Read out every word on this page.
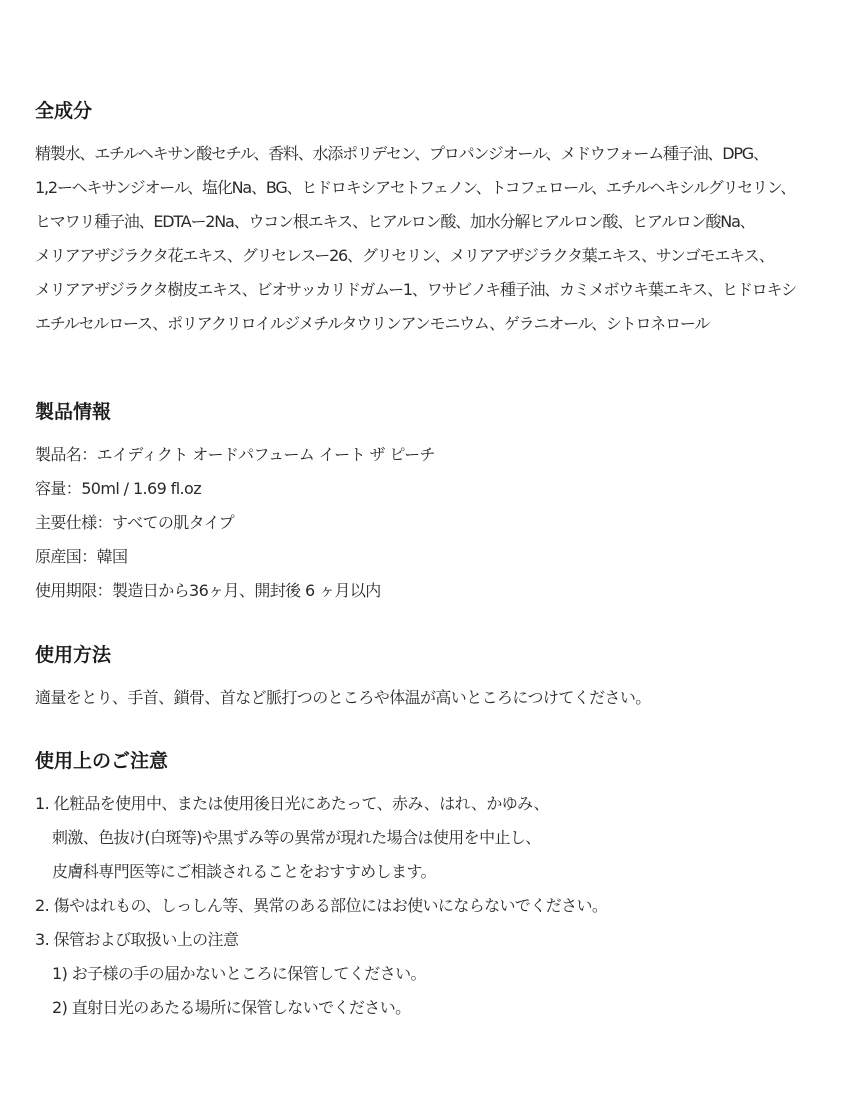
全成分
精製水、エチルヘキサン酸セチル、香料、水添ポリデセン、プロパンジオール、メドウフォーム種子油、DPG、
1,2ーヘキサンジオール、塩化Na、BG、ヒドロキシアセトフェノン、トコフェロール、エチルヘキシルグリセリン、
ヒマワリ種子油、EDTAー2Na、ウコン根エキス、ヒアルロン酸、加水分解ヒアルロン酸、ヒアルロン酸Na、
メリアアザジラクタ花エキス、グリセレスー26、グリセリン、メリアアザジラクタ葉エキス、サンゴモエキス、
メリアアザジラクタ樹皮エキス、ビオサッカリドガムー1、ワサビノキ種子油、カミメボウキ葉エキス、ヒドロキシ
エチルセルロース、ポリアクリロイルジメチルタウリンアンモニウム、ゲラニオール、シトロネロール
製品情報
製品名：エイディクト オードパフューム イート ザ ピーチ
容量：50ml / 1.69 fl.oz
主要仕様：すべての肌タイプ
原産国：韓国
使用期限：製造日から36ヶ月、開封後 6 ヶ月以内
使用方法
適量をとり、手首、鎖骨、首など脈打つのところや体温が高いところにつけてください。
使用上のご注意
1. 化粧品を使用中、または使用後日光にあたって、赤み、はれ、かゆみ、
刺激、色抜け(白斑等)や黒ずみ等の異常が現れた場合は使用を中止し、
皮膚科専門医等にご相談されることをおすすめします。
2. 傷やはれもの、しっしん等、異常のある部位にはお使いにならないでください。
3. 保管および取扱い上の注意
1) お子様の手の届かないところに保管してください。
2) 直射日光のあたる場所に保管しないでください。
